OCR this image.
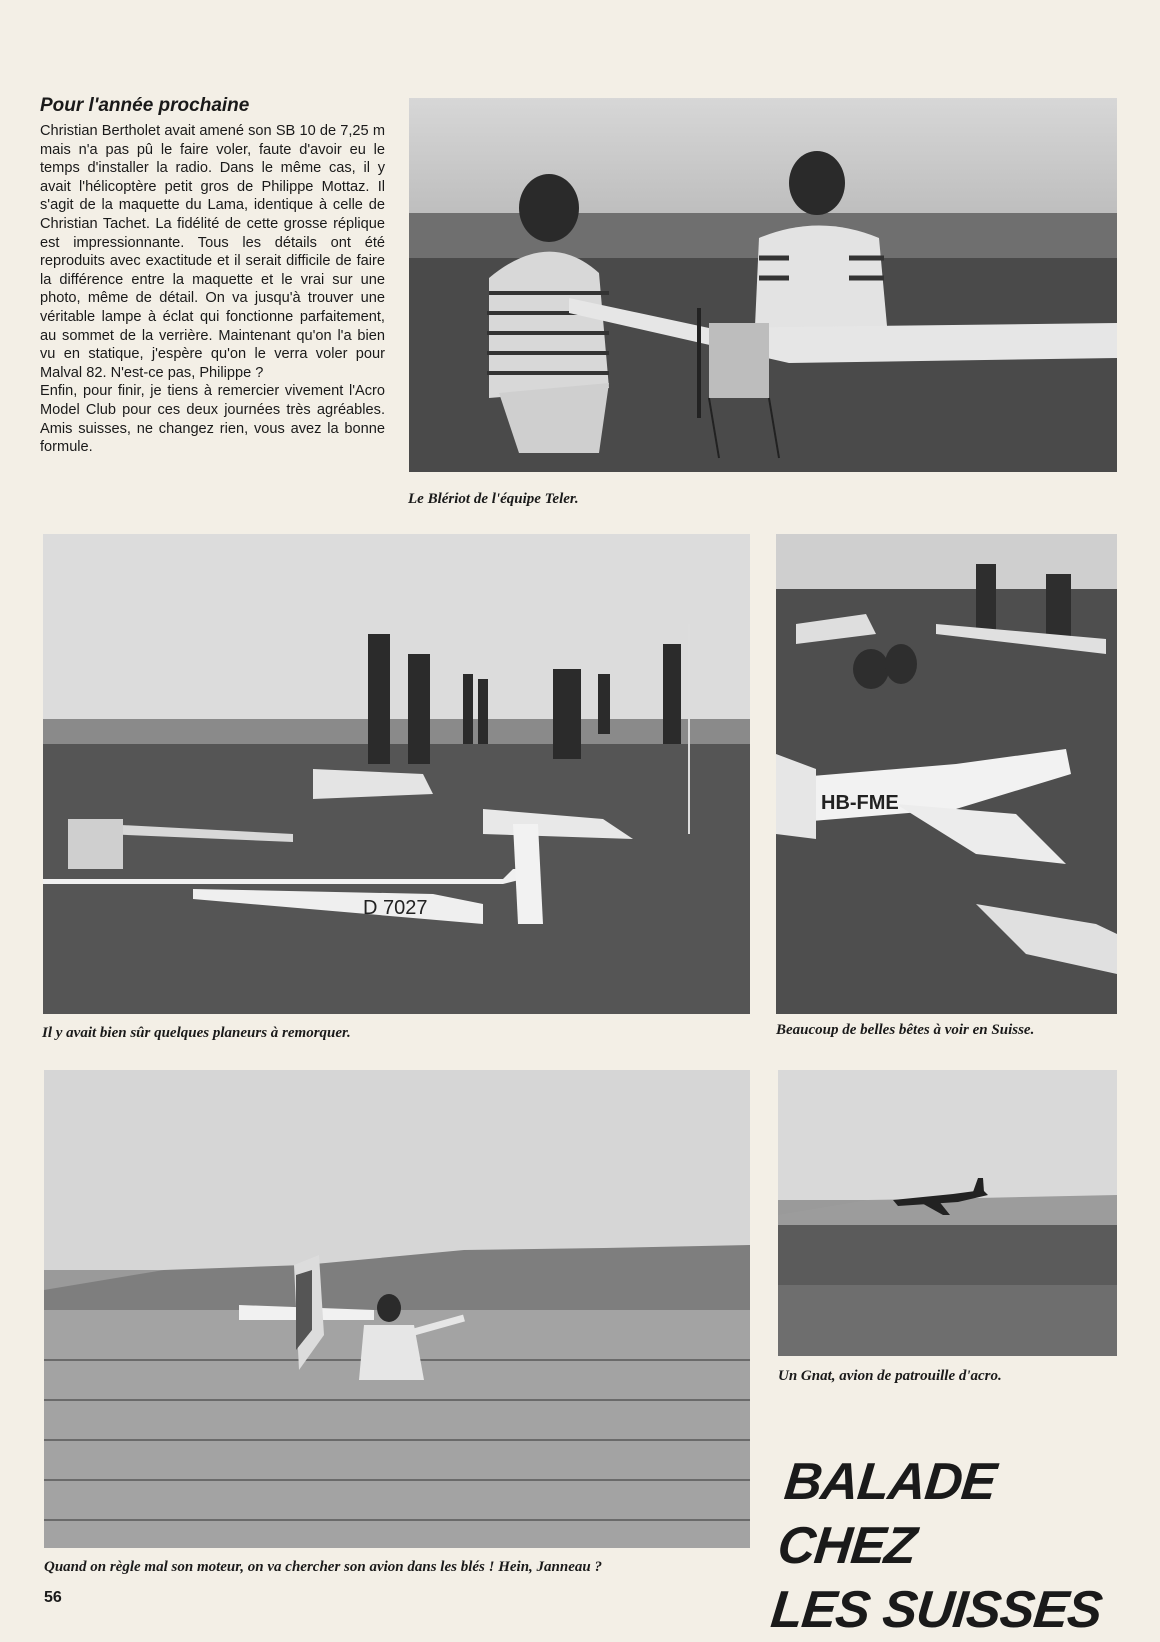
Pour l'année prochaine

Christian Bertholet avait amené son SB 10 de 7,25 m mais n'a pas pû le faire voler, faute d'avoir eu le temps d'installer la radio. Dans le même cas, il y avait l'hélicoptère petit gros de Philippe Mottaz. Il s'agit de la maquette du Lama, identique à celle de Christian Tachet. La fidélité de cette grosse réplique est impressionnante. Tous les détails ont été reproduits avec exactitude et il serait difficile de faire la différence entre la maquette et le vrai sur une photo, même de détail. On va jusqu'à trouver une véritable lampe à éclat qui fonctionne parfaitement, au sommet de la verrière. Maintenant qu'on l'a bien vu en statique, j'espère qu'on le verra voler pour Malval 82. N'est-ce pas, Philippe ?

Enfin, pour finir, je tiens à remercier vivement l'Acro Model Club pour ces deux journées très agréables. Amis suisses, ne changez rien, vous avez la bonne formule.

Le Blériot de l'équipe Teler.
D 7027
Il y avait bien sûr quelques planeurs à remorquer.
HB-FME
Beaucoup de belles bêtes à voir en Suisse.
Quand on règle mal son moteur, on va chercher son avion dans les blés ! Hein, Janneau ?
Un Gnat, avion de patrouille d'acro.
BALADE CHEZ
LES SUISSES
56
